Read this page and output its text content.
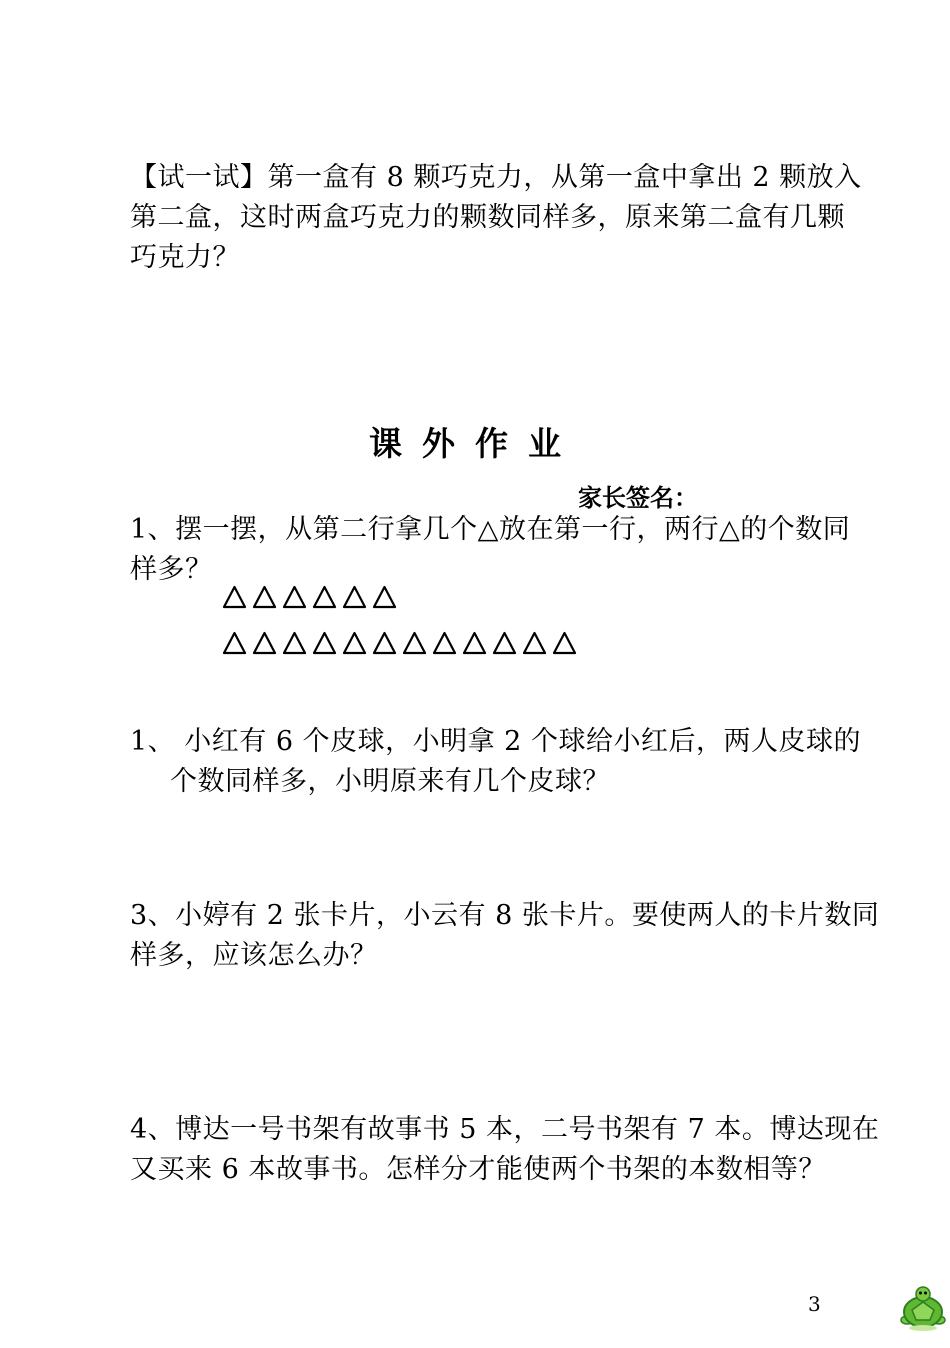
【试一试】第一盒有 8 颗巧克力，从第一盒中拿出 2 颗放入
第二盒，这时两盒巧克力的颗数同样多，原来第二盒有几颗
巧克力？
课外作业
家长签名：
1、摆一摆，从第二行拿几个△放在第一行，两行△的个数同
样多？
1、 小红有 6 个皮球，小明拿 2 个球给小红后，两人皮球的
个数同样多，小明原来有几个皮球？
3、小婷有 2 张卡片，小云有 8 张卡片。要使两人的卡片数同
样多，应该怎么办？
4、博达一号书架有故事书 5 本，二号书架有 7 本。博达现在
又买来 6 本故事书。怎样分才能使两个书架的本数相等？
3
